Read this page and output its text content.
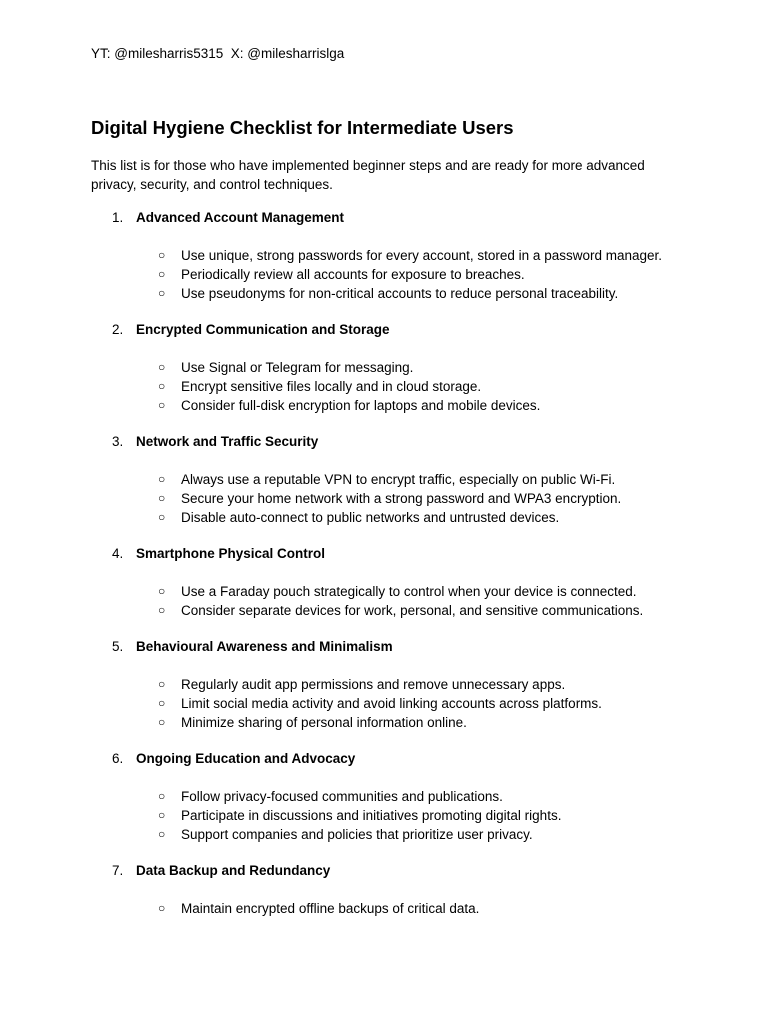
YT: @milesharris5315  X: @milesharrislga
Digital Hygiene Checklist for Intermediate Users

This list is for those who have implemented beginner steps and are ready for more advanced privacy, security, and control techniques.

1. Advanced Account Management
○ Use unique, strong passwords for every account, stored in a password manager.
○ Periodically review all accounts for exposure to breaches.
○ Use pseudonyms for non-critical accounts to reduce personal traceability.
2. Encrypted Communication and Storage
○ Use Signal or Telegram for messaging.
○ Encrypt sensitive files locally and in cloud storage.
○ Consider full-disk encryption for laptops and mobile devices.
3. Network and Traffic Security
○ Always use a reputable VPN to encrypt traffic, especially on public Wi-Fi.
○ Secure your home network with a strong password and WPA3 encryption.
○ Disable auto-connect to public networks and untrusted devices.
4. Smartphone Physical Control
○ Use a Faraday pouch strategically to control when your device is connected.
○ Consider separate devices for work, personal, and sensitive communications.
5. Behavioural Awareness and Minimalism
○ Regularly audit app permissions and remove unnecessary apps.
○ Limit social media activity and avoid linking accounts across platforms.
○ Minimize sharing of personal information online.
6. Ongoing Education and Advocacy
○ Follow privacy-focused communities and publications.
○ Participate in discussions and initiatives promoting digital rights.
○ Support companies and policies that prioritize user privacy.
7. Data Backup and Redundancy
○ Maintain encrypted offline backups of critical data.
